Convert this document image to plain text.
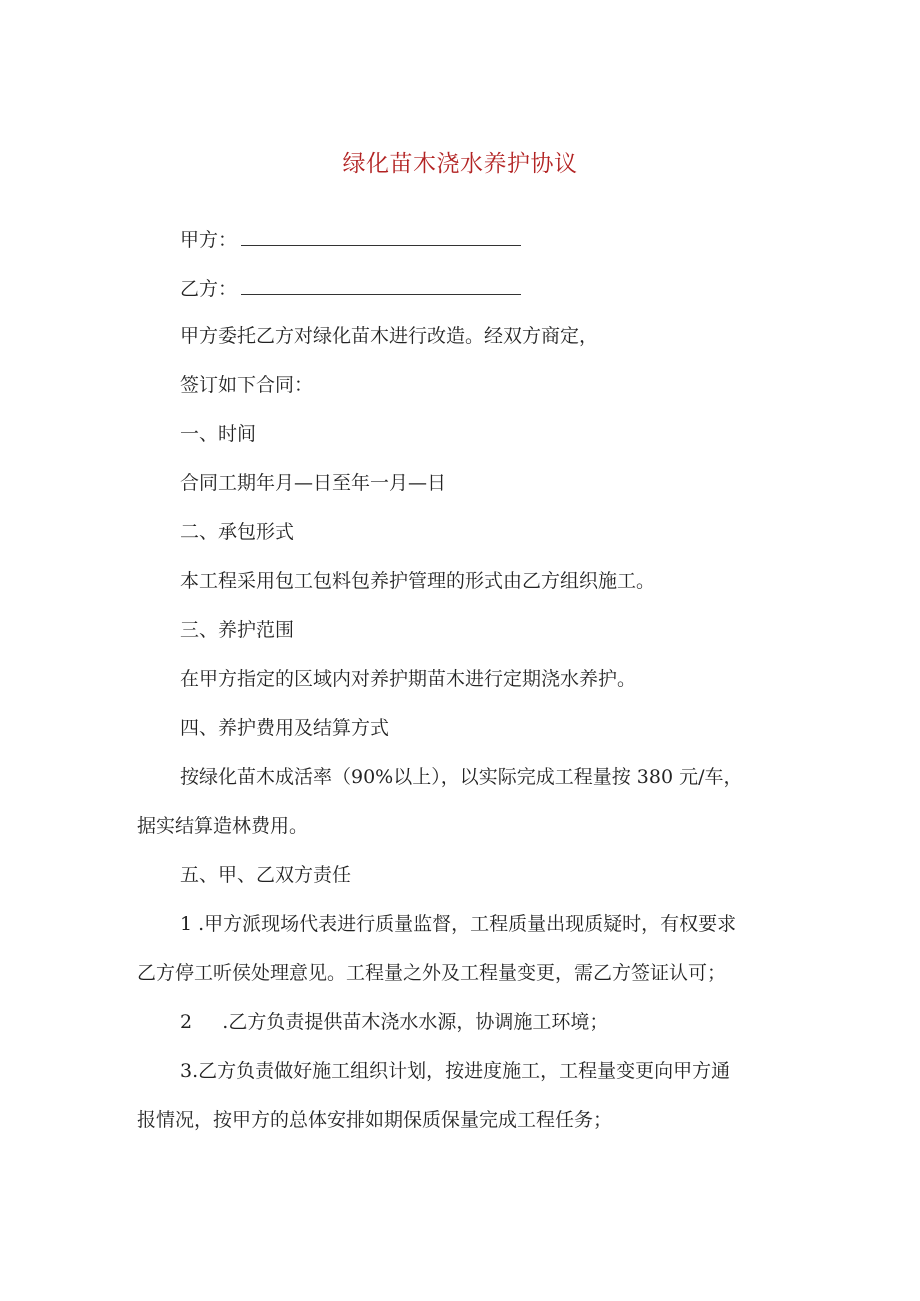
绿化苗木浇水养护协议
甲方：
乙方：
甲方委托乙方对绿化苗木进行改造。经双方商定，
签订如下合同：
一、时间
合同工期年月—日至年一月—日
二、承包形式
本工程采用包工包料包养护管理的形式由乙方组织施工。
三、养护范围
在甲方指定的区域内对养护期苗木进行定期浇水养护。
四、养护费用及结算方式
按绿化苗木成活率（90%以上），以实际完成工程量按 380 元/车，
据实结算造林费用。
五、甲、乙双方责任
1 .甲方派现场代表进行质量监督，工程质量出现质疑时，有权要求
乙方停工听侯处理意见。工程量之外及工程量变更，需乙方签证认可；
2     .乙方负责提供苗木浇水水源，协调施工环境；
3.乙方负责做好施工组织计划，按进度施工，工程量变更向甲方通
报情况，按甲方的总体安排如期保质保量完成工程任务；
